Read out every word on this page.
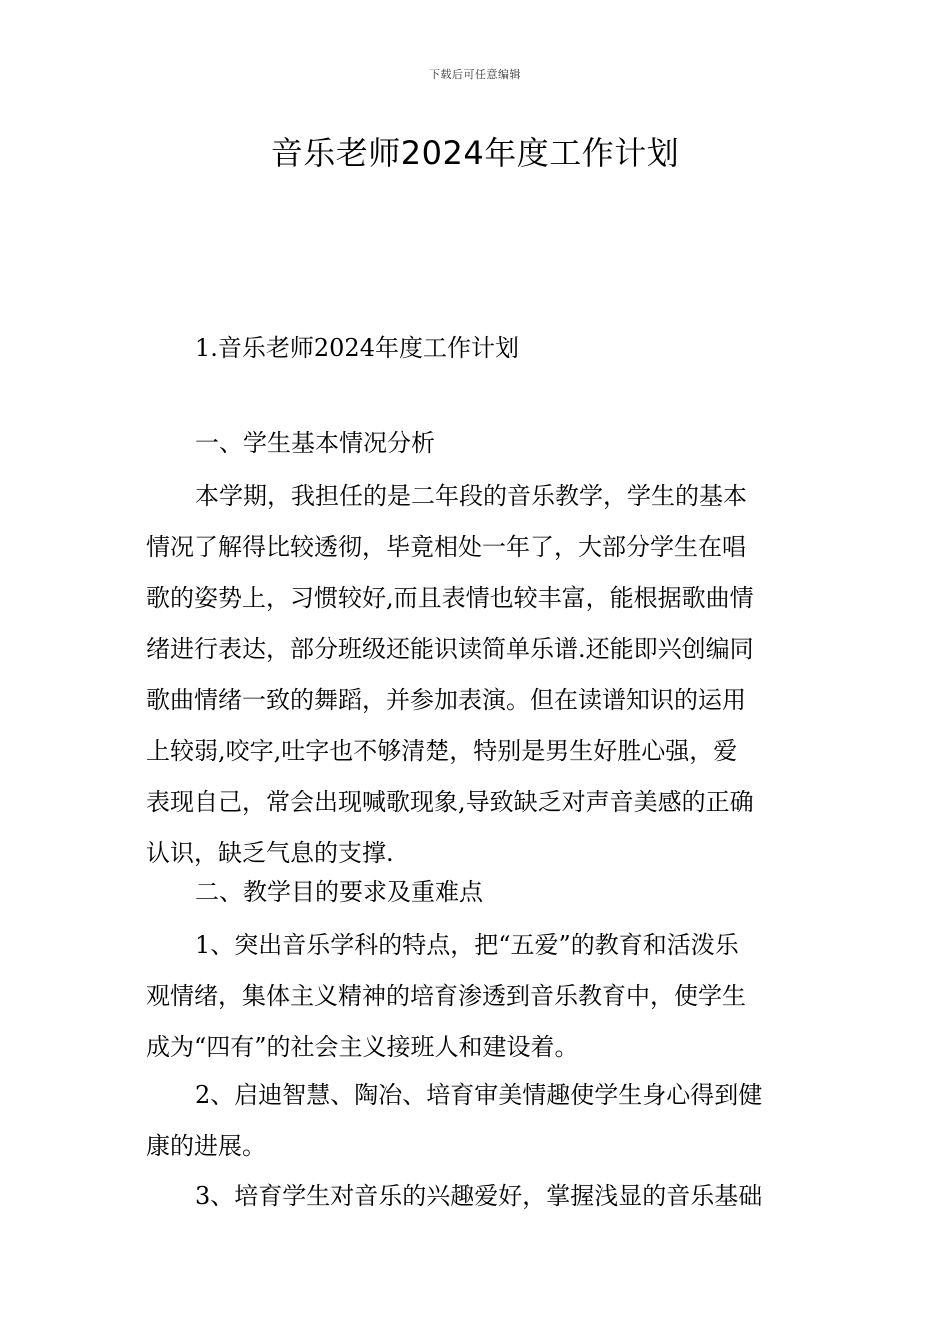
下载后可任意编辑
音乐老师2024年度工作计划
1.音乐老师2024年度工作计划
一、学生基本情况分析
本学期，我担任的是二年段的音乐教学，学生的基本
情况了解得比较透彻，毕竟相处一年了，大部分学生在唱
歌的姿势上，习惯较好,而且表情也较丰富，能根据歌曲情
绪进行表达，部分班级还能识读简单乐谱.还能即兴创编同
歌曲情绪一致的舞蹈，并参加表演。但在读谱知识的运用
上较弱,咬字,吐字也不够清楚，特别是男生好胜心强，爱
表现自己，常会出现喊歌现象,导致缺乏对声音美感的正确
认识，缺乏气息的支撑.
二、教学目的要求及重难点
1、突出音乐学科的特点，把“五爱”的教育和活泼乐
观情绪，集体主义精神的培育渗透到音乐教育中，使学生
成为“四有”的社会主义接班人和建设着。
2、启迪智慧、陶冶、培育审美情趣使学生身心得到健
康的进展。
3、培育学生对音乐的兴趣爱好，掌握浅显的音乐基础
